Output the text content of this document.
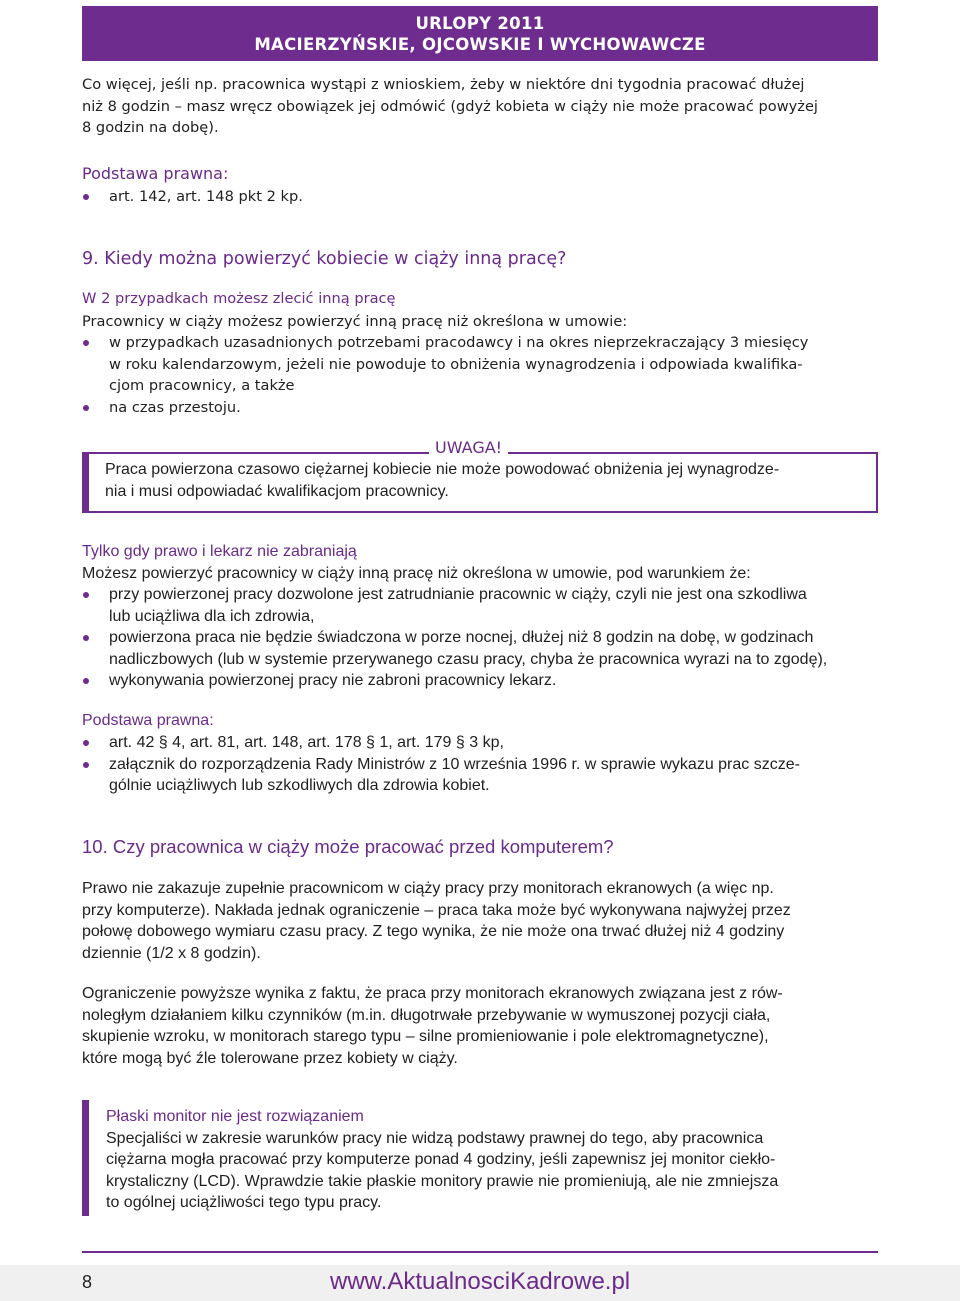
URLOPY 2011
MACIERZYŃSKIE, OJCOWSKIE I WYCHOWAWCZE
Co więcej, jeśli np. pracownica wystąpi z wnioskiem, żeby w niektóre dni tygodnia pracować dłużej
niż 8 godzin – masz wręcz obowiązek jej odmówić (gdyż kobieta w ciąży nie może pracować powyżej
8 godzin na dobę).
Podstawa prawna:
art. 142, art. 148 pkt 2 kp.
9. Kiedy można powierzyć kobiecie w ciąży inną pracę?
W 2 przypadkach możesz zlecić inną pracę
Pracownicy w ciąży możesz powierzyć inną pracę niż określona w umowie:
w przypadkach uzasadnionych potrzebami pracodawcy i na okres nieprzekraczający 3 miesięcy
w roku kalendarzowym, jeżeli nie powoduje to obniżenia wynagrodzenia i odpowiada kwalifika-
cjom pracownicy, a także
na czas przestoju.
UWAGA!
Praca powierzona czasowo ciężarnej kobiecie nie może powodować obniżenia jej wynagrodze-
nia i musi odpowiadać kwalifikacjom pracownicy.
Tylko gdy prawo i lekarz nie zabraniają
Możesz powierzyć pracownicy w ciąży inną pracę niż określona w umowie, pod warunkiem że:
przy powierzonej pracy dozwolone jest zatrudnianie pracownic w ciąży, czyli nie jest ona szkodliwa
lub uciążliwa dla ich zdrowia,
powierzona praca nie będzie świadczona w porze nocnej, dłużej niż 8 godzin na dobę, w godzinach
nadliczbowych (lub w systemie przerywanego czasu pracy, chyba że pracownica wyrazi na to zgodę),
wykonywania powierzonej pracy nie zabroni pracownicy lekarz.
Podstawa prawna:
art. 42 § 4, art. 81, art. 148, art. 178 § 1, art. 179 § 3 kp,
załącznik do rozporządzenia Rady Ministrów z 10 września 1996 r. w sprawie wykazu prac szcze-
gólnie uciążliwych lub szkodliwych dla zdrowia kobiet.
10. Czy pracownica w ciąży może pracować przed komputerem?
Prawo nie zakazuje zupełnie pracownicom w ciąży pracy przy monitorach ekranowych (a więc np.
przy komputerze). Nakłada jednak ograniczenie – praca taka może być wykonywana najwyżej przez
połowę dobowego wymiaru czasu pracy. Z tego wynika, że nie może ona trwać dłużej niż 4 godziny
dziennie (1/2 x 8 godzin).
Ograniczenie powyższe wynika z faktu, że praca przy monitorach ekranowych związana jest z rów-
noległym działaniem kilku czynników (m.in. długotrwałe przebywanie w wymuszonej pozycji ciała,
skupienie wzroku, w monitorach starego typu – silne promieniowanie i pole elektromagnetyczne),
które mogą być źle tolerowane przez kobiety w ciąży.
Płaski monitor nie jest rozwiązaniem
Specjaliści w zakresie warunków pracy nie widzą podstawy prawnej do tego, aby pracownica
ciężarna mogła pracować przy komputerze ponad 4 godziny, jeśli zapewnisz jej monitor ciekło-
krystaliczny (LCD). Wprawdzie takie płaskie monitory prawie nie promieniują, ale nie zmniejsza
to ogólnej uciążliwości tego typu pracy.
8	www.AktualnosciKadrowe.pl
